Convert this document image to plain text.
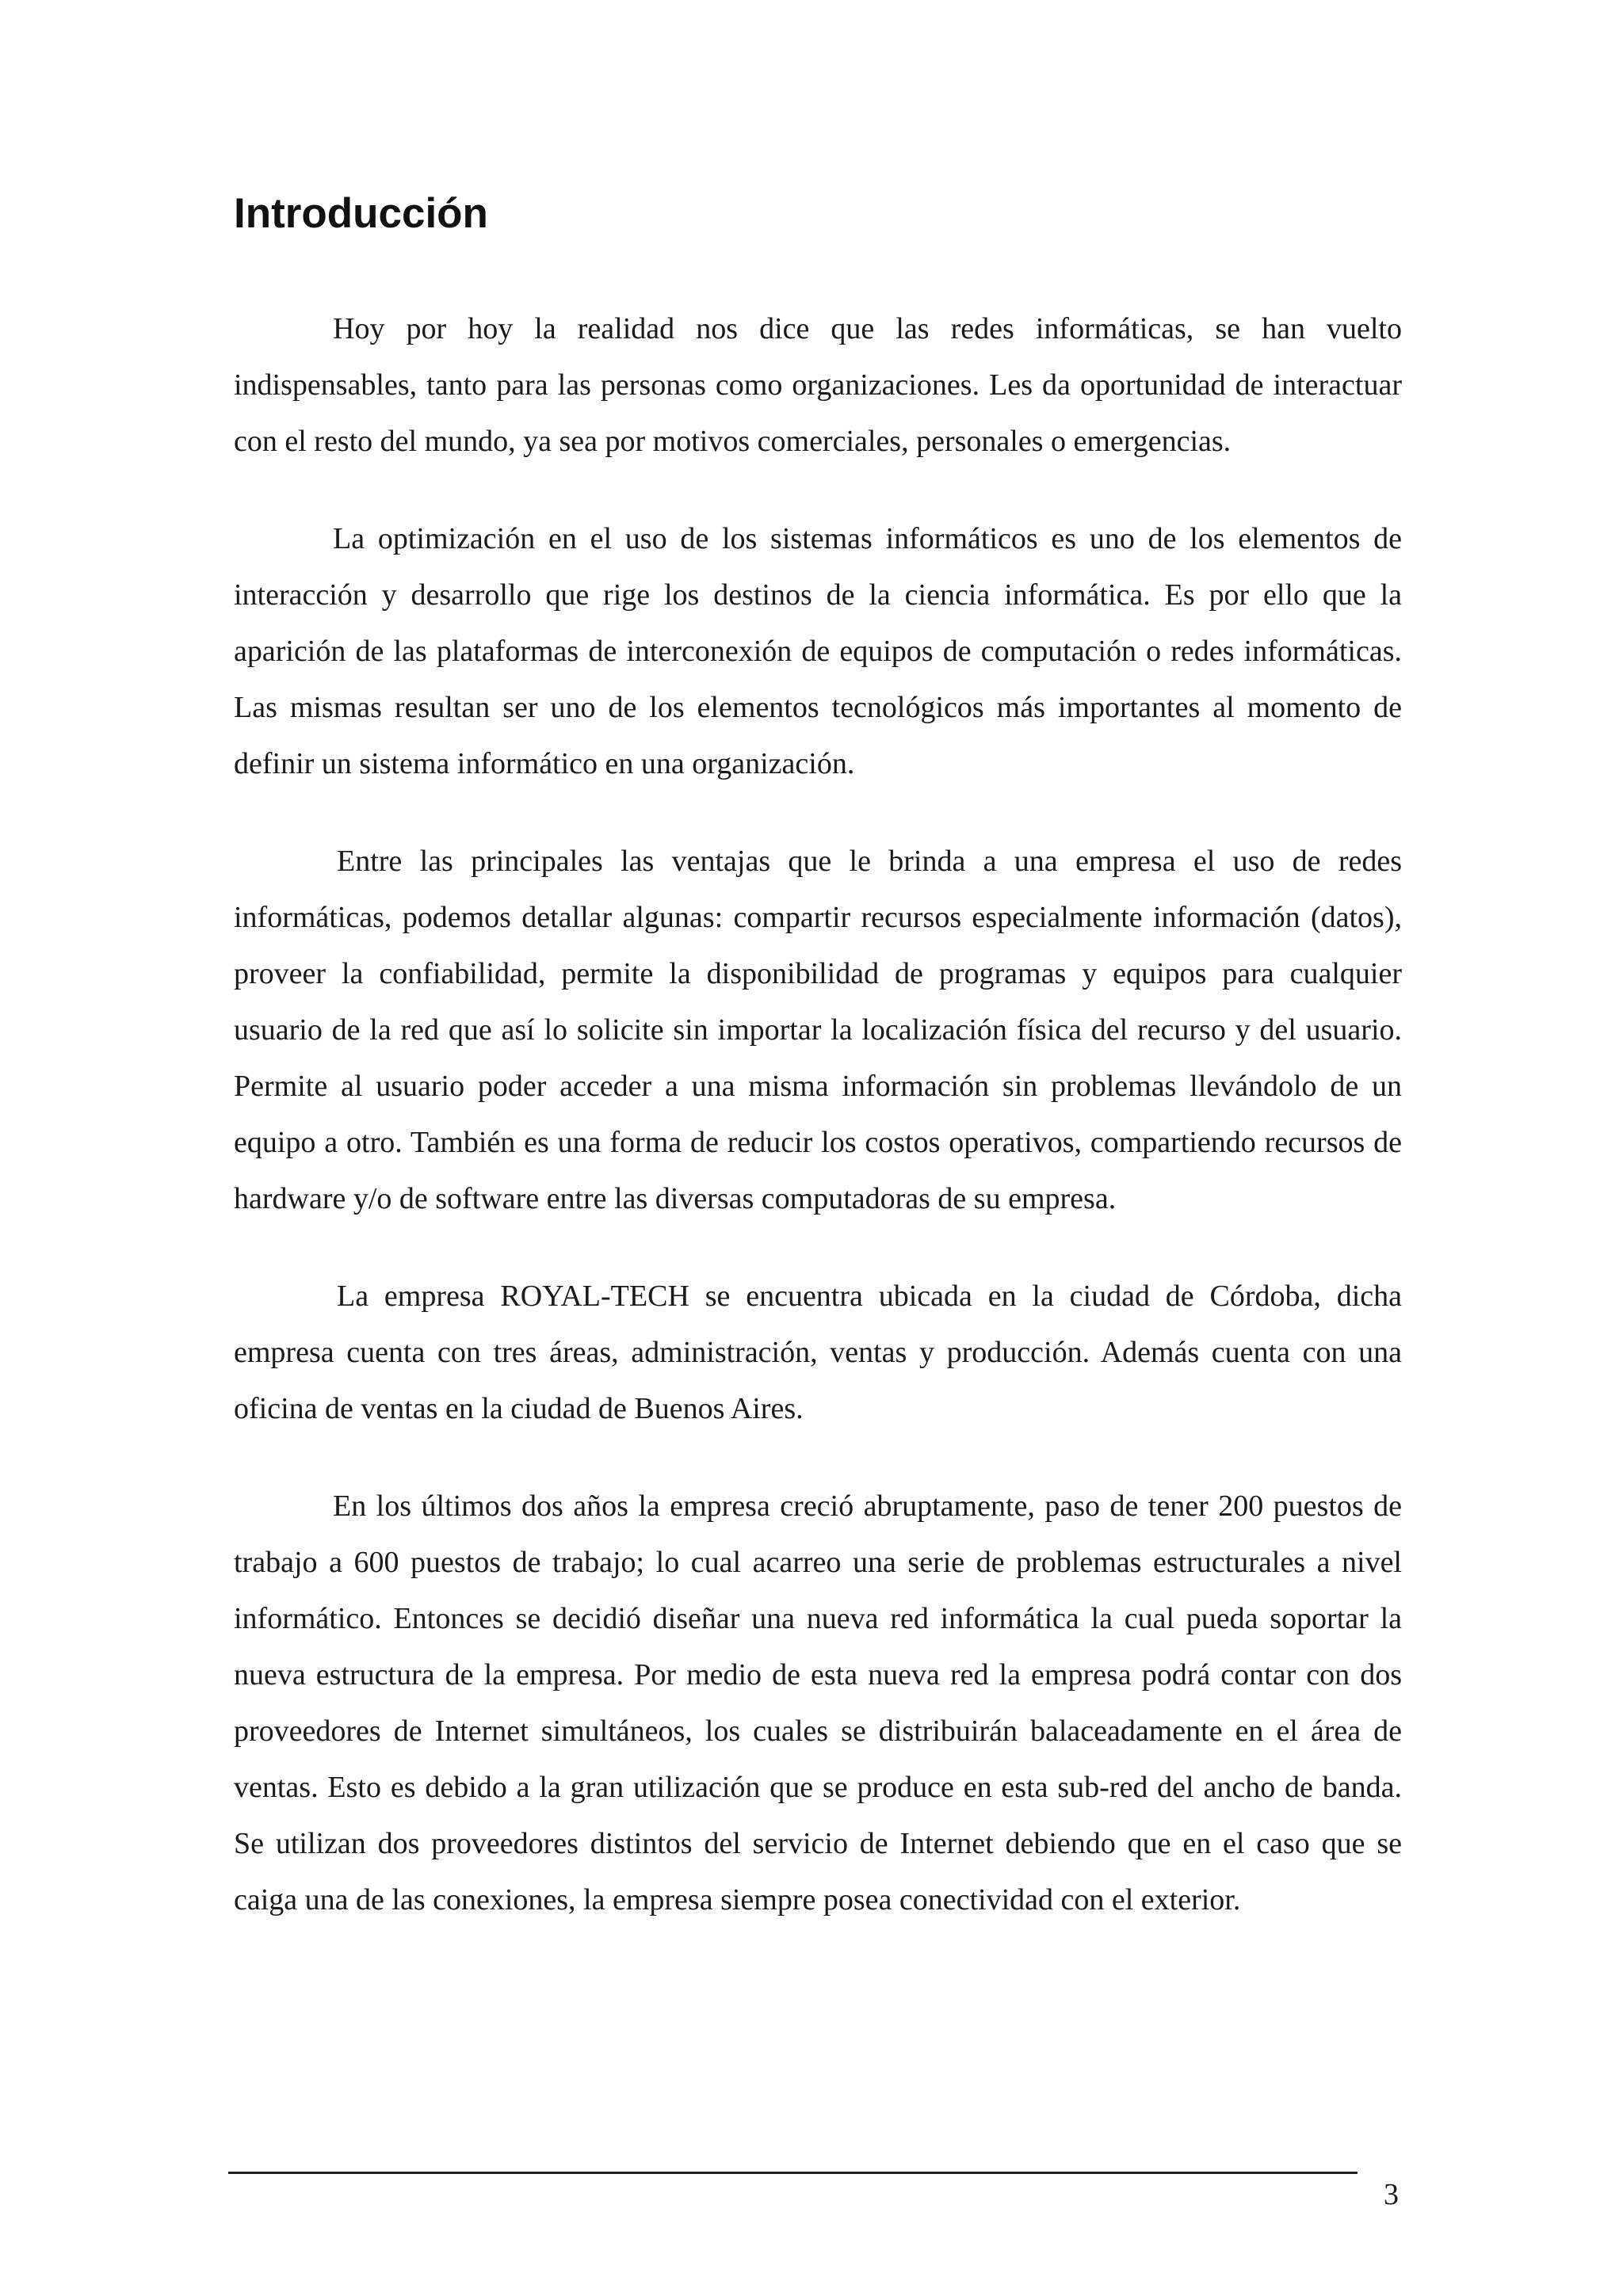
Introducción

Hoy por hoy la realidad nos dice que las redes informáticas, se han vuelto indispensables, tanto para las personas como organizaciones. Les da oportunidad de interactuar con el resto del mundo, ya sea por motivos comerciales, personales o emergencias.

La optimización en el uso de los sistemas informáticos es uno de los elementos de interacción y desarrollo que rige los destinos de la ciencia informática. Es por ello que la aparición de las plataformas de interconexión de equipos de computación o redes informáticas. Las mismas resultan ser uno de los elementos tecnológicos más importantes al momento de definir un sistema informático en una organización.

Entre las principales las ventajas que le brinda a una empresa el uso de redes informáticas, podemos detallar algunas: compartir recursos especialmente información (datos), proveer la confiabilidad, permite la disponibilidad de programas y equipos para cualquier usuario de la red que así lo solicite sin importar la localización física del recurso y del usuario. Permite al usuario poder acceder a una misma información sin problemas llevándolo de un equipo a otro. También es una forma de reducir los costos operativos, compartiendo recursos de hardware y/o de software entre las diversas computadoras de su empresa.

La empresa ROYAL-TECH se encuentra ubicada en la ciudad de Córdoba, dicha empresa cuenta con tres áreas, administración, ventas y producción. Además cuenta con una oficina de ventas en la ciudad de Buenos Aires.

En los últimos dos años la empresa creció abruptamente, paso de tener 200 puestos de trabajo a 600 puestos de trabajo; lo cual acarreo una serie de problemas estructurales a nivel informático. Entonces se decidió diseñar una nueva red informática la cual pueda soportar la nueva estructura de la empresa. Por medio de esta nueva red la empresa podrá contar con dos proveedores de Internet simultáneos, los cuales se distribuirán balaceadamente en el área de ventas. Esto es debido a la gran utilización que se produce en esta sub-red del ancho de banda. Se utilizan dos proveedores distintos del servicio de Internet debiendo que en el caso que se caiga una de las conexiones, la empresa siempre posea conectividad con el exterior.

3
